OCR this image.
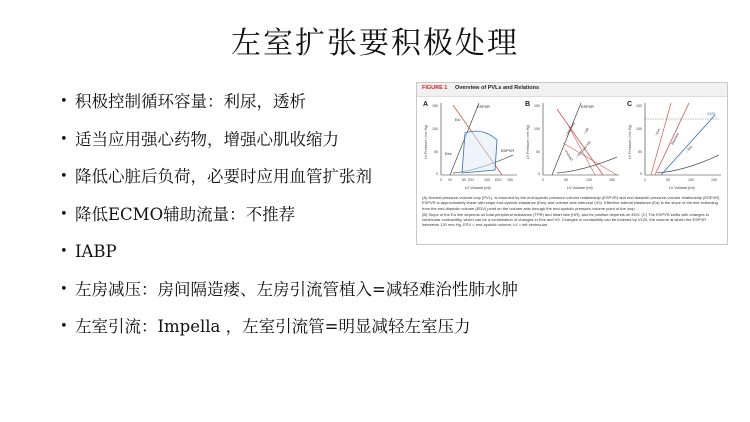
左室扩张要积极处理
• 积极控制循环容量：利尿，透析
• 适当应用强心药物，增强心肌收缩力
• 降低心脏后负荷，必要时应用血管扩张剂
• 降低ECMO辅助流量：不推荐
• IABP
• 左房减压：房间隔造瘘、左房引流管植入=减轻难治性肺水肿
• 左室引流：Impella ，左室引流管=明显减轻左室压力
FIGURE 1 Overview of PVLs and Relations
A
LV Pressure (mm Hg)
150
100
50
0
0	50	100	150
LV Volume (ml)
ESPVR
Ea
Ees
EDPVR
V0	ESV	EDV
B
LV Pressure (mm Hg)
150
100
50
0
0	50	100	150
LV Volume (ml)
ESPVR
↑ Afterload ↑ HR
↑ TPR and HR
↑ Preload
C
LV Pressure (mm Hg)
150
100
50
0
0	50	100	150
LV Volume (ml)
V120
↑ Ees	Baseline
↓ Ees

(A) Normal pressure-volume loop (PVL), is bounded by the end-systolic pressure-volume relationship (ESPVR) and end-diastolic pressure-volume relationship (EDPVR). ESPVR is approximately linear with slope end-systolic elastance (Ees) and volume-axis intercept (V0). Effective arterial elastance (Ea) is the slope of the line extending from the end-diastolic volume (EDV) point on the volume axis through the end-systolic pressure-volume point of the loop.

(B) Slope of the Ea line depends on total peripheral resistance (TPR) and heart rate (HR), and its position depends on EDV. (C) The ESPVR shifts with changes in ventricular contractility, which can be a combination of changes in Ees and V0. Changes in contractility can be indexed by V120, the volume at which the ESPVR intersects 120 mm Hg. ESV = end-systolic volume; LV = left ventricular.
